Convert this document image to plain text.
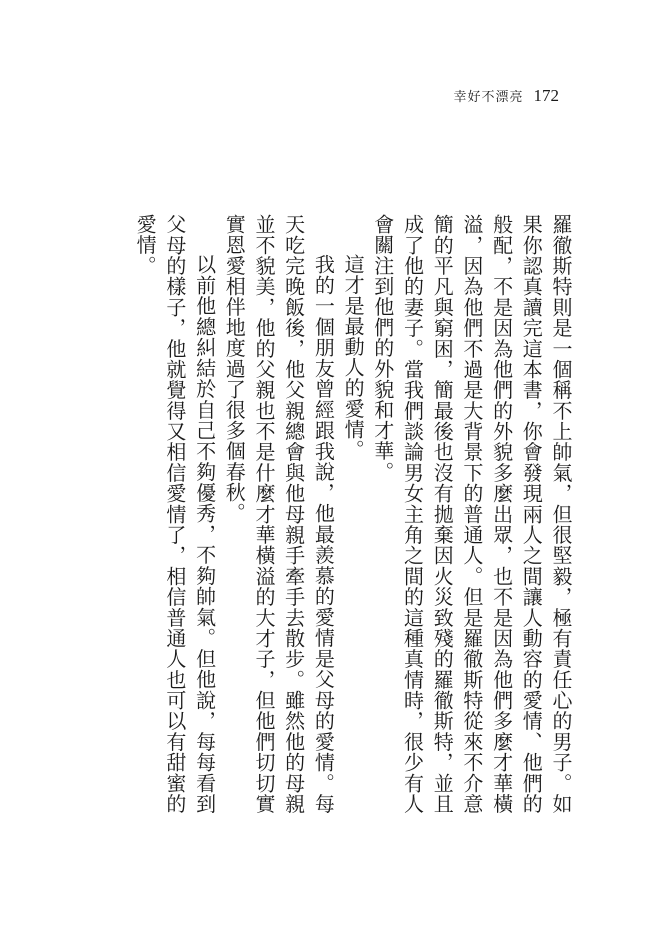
幸好不漂亮 172

羅徹斯特則是一個稱不上帥氣，但很堅毅，極有責任心的男子。如果你認真讀完這本書，你會發現兩人之間讓人動容的愛情、他們的般配，不是因為他們的外貌多麼出眾，也不是因為他們多麼才華橫溢，因為他們不過是大背景下的普通人。但是羅徹斯特從來不介意簡的平凡與窮困，簡最後也沒有拋棄因火災致殘的羅徹斯特，並且成了他的妻子。當我們談論男女主角之間的這種真情時，很少有人會關注到他們的外貌和才華。

這才是最動人的愛情。

我的一個朋友曾經跟我說，他最羨慕的愛情是父母的愛情。每天吃完晚飯後，他父親總會與他母親手牽手去散步。雖然他的母親並不貌美，他的父親也不是什麼才華橫溢的大才子，但他們切切實實恩愛相伴地度過了很多個春秋。

以前他總糾結於自己不夠優秀，不夠帥氣。但他說，每每看到父母的樣子，他就覺得又相信愛情了，相信普通人也可以有甜蜜的愛情。
